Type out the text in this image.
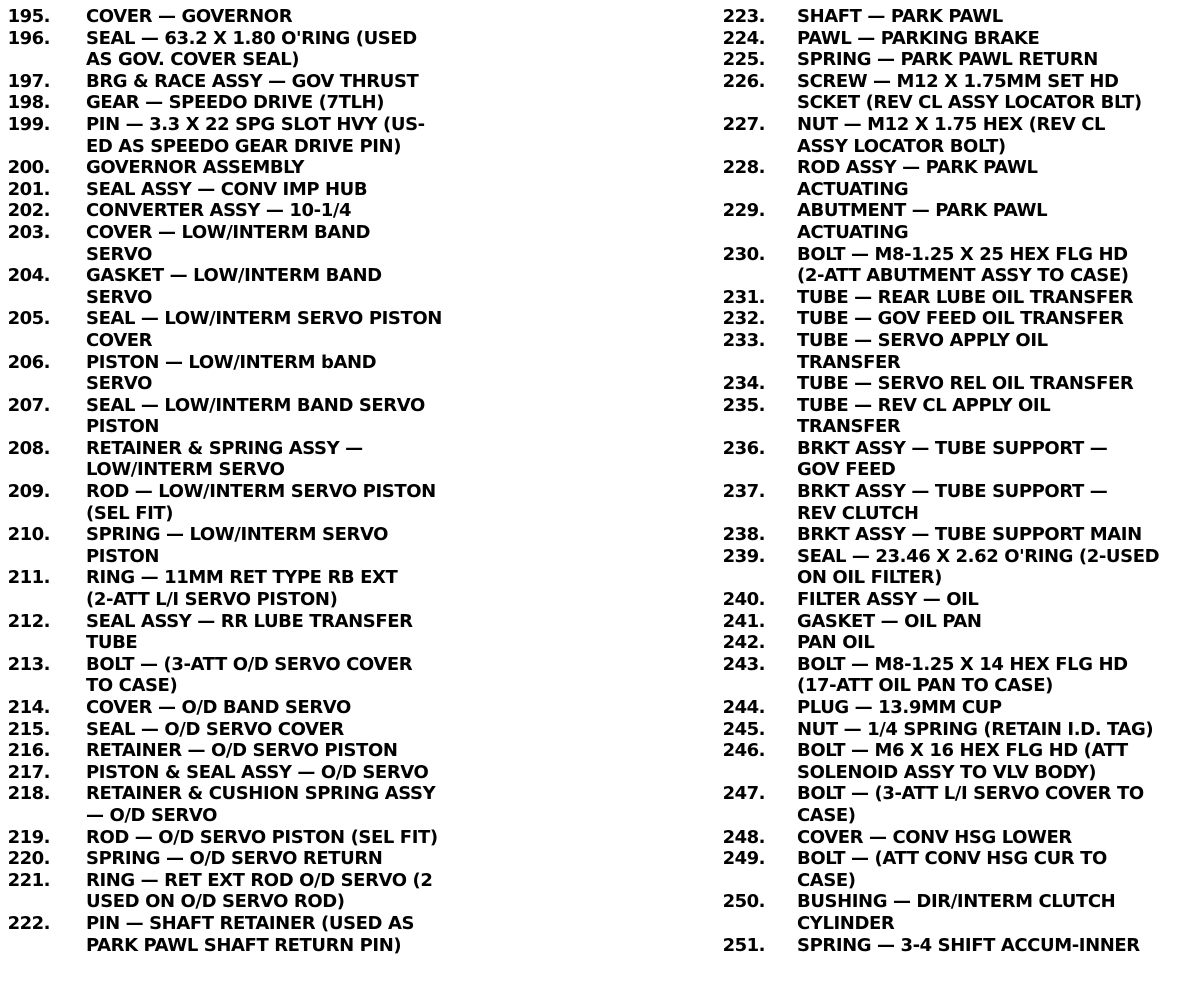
195. COVER — GOVERNOR
196. SEAL — 63.2 X 1.80 O'RING (USED
AS GOV. COVER SEAL)
197. BRG & RACE ASSY — GOV THRUST
198. GEAR — SPEEDO DRIVE (7TLH)
199. PIN — 3.3 X 22 SPG SLOT HVY (US-
ED AS SPEEDO GEAR DRIVE PIN)
200. GOVERNOR ASSEMBLY
201. SEAL ASSY — CONV IMP HUB
202. CONVERTER ASSY — 10-1/4
203. COVER — LOW/INTERM BAND
SERVO
204. GASKET — LOW/INTERM BAND
SERVO
205. SEAL — LOW/INTERM SERVO PISTON
COVER
206. PISTON — LOW/INTERM bAND
SERVO
207. SEAL — LOW/INTERM BAND SERVO
PISTON
208. RETAINER & SPRING ASSY —
LOW/INTERM SERVO
209. ROD — LOW/INTERM SERVO PISTON
(SEL FIT)
210. SPRING — LOW/INTERM SERVO
PISTON
211. RING — 11MM RET TYPE RB EXT
(2-ATT L/I SERVO PISTON)
212. SEAL ASSY — RR LUBE TRANSFER
TUBE
213. BOLT — (3-ATT O/D SERVO COVER
TO CASE)
214. COVER — O/D BAND SERVO
215. SEAL — O/D SERVO COVER
216. RETAINER — O/D SERVO PISTON
217. PISTON & SEAL ASSY — O/D SERVO
218. RETAINER & CUSHION SPRING ASSY
— O/D SERVO
219. ROD — O/D SERVO PISTON (SEL FIT)
220. SPRING — O/D SERVO RETURN
221. RING — RET EXT ROD O/D SERVO (2
USED ON O/D SERVO ROD)
222. PIN — SHAFT RETAINER (USED AS
PARK PAWL SHAFT RETURN PIN)
223. SHAFT — PARK PAWL
224. PAWL — PARKING BRAKE
225. SPRING — PARK PAWL RETURN
226. SCREW — M12 X 1.75MM SET HD
SCKET (REV CL ASSY LOCATOR BLT)
227. NUT — M12 X 1.75 HEX (REV CL
ASSY LOCATOR BOLT)
228. ROD ASSY — PARK PAWL
ACTUATING
229. ABUTMENT — PARK PAWL
ACTUATING
230. BOLT — M8-1.25 X 25 HEX FLG HD
(2-ATT ABUTMENT ASSY TO CASE)
231. TUBE — REAR LUBE OIL TRANSFER
232. TUBE — GOV FEED OIL TRANSFER
233. TUBE — SERVO APPLY OIL
TRANSFER
234. TUBE — SERVO REL OIL TRANSFER
235. TUBE — REV CL APPLY OIL
TRANSFER
236. BRKT ASSY — TUBE SUPPORT —
GOV FEED
237. BRKT ASSY — TUBE SUPPORT —
REV CLUTCH
238. BRKT ASSY — TUBE SUPPORT MAIN
239. SEAL — 23.46 X 2.62 O'RING (2-USED
ON OIL FILTER)
240. FILTER ASSY — OIL
241. GASKET — OIL PAN
242. PAN OIL
243. BOLT — M8-1.25 X 14 HEX FLG HD
(17-ATT OIL PAN TO CASE)
244. PLUG — 13.9MM CUP
245. NUT — 1/4 SPRING (RETAIN I.D. TAG)
246. BOLT — M6 X 16 HEX FLG HD (ATT
SOLENOID ASSY TO VLV BODY)
247. BOLT — (3-ATT L/I SERVO COVER TO
CASE)
248. COVER — CONV HSG LOWER
249. BOLT — (ATT CONV HSG CUR TO
CASE)
250. BUSHING — DIR/INTERM CLUTCH
CYLINDER
251. SPRING — 3-4 SHIFT ACCUM-INNER
